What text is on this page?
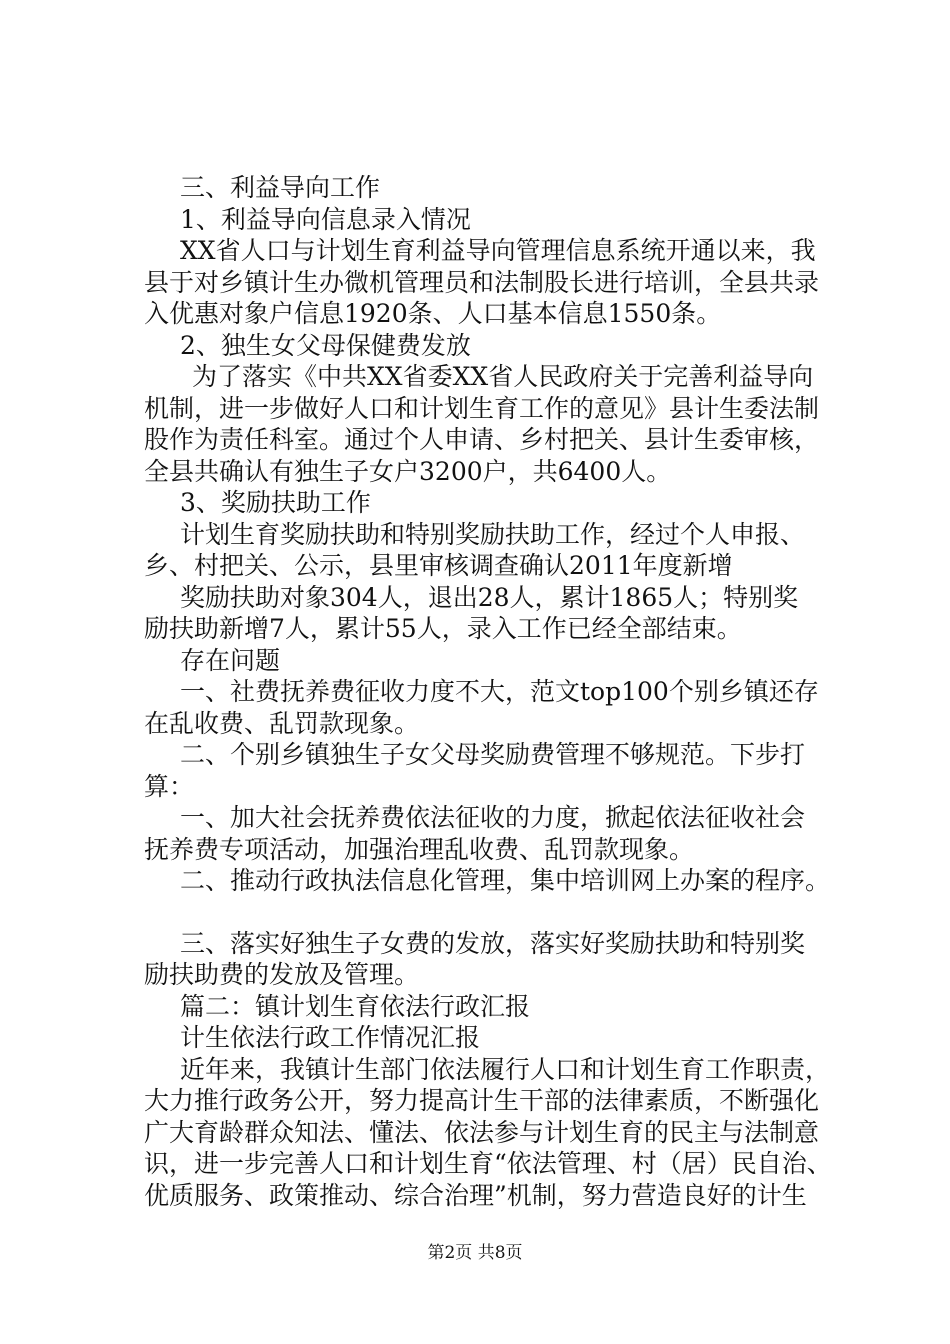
三、利益导向工作
1、利益导向信息录入情况
XX省人口与计划生育利益导向管理信息系统开通以来，我
县于对乡镇计生办微机管理员和法制股长进行培训，全县共录
入优惠对象户信息1920条、人口基本信息1550条。
2、独生女父母保健费发放
为了落实《中共XX省委XX省人民政府关于完善利益导向
机制，进一步做好人口和计划生育工作的意见》县计生委法制
股作为责任科室。通过个人申请、乡村把关、县计生委审核，
全县共确认有独生子女户3200户，共6400人。
3、奖励扶助工作
计划生育奖励扶助和特别奖励扶助工作，经过个人申报、
乡、村把关、公示，县里审核调查确认2011年度新增
奖励扶助对象304人，退出28人，累计1865人；特别奖
励扶助新增7人，累计55人，录入工作已经全部结束。
存在问题
一、社费抚养费征收力度不大，范文top100个别乡镇还存
在乱收费、乱罚款现象。
二、个别乡镇独生子女父母奖励费管理不够规范。下步打
算：
一、加大社会抚养费依法征收的力度，掀起依法征收社会
抚养费专项活动，加强治理乱收费、乱罚款现象。
二、推动行政执法信息化管理，集中培训网上办案的程序。
三、落实好独生子女费的发放，落实好奖励扶助和特别奖
励扶助费的发放及管理。
篇二：镇计划生育依法行政汇报
计生依法行政工作情况汇报
近年来，我镇计生部门依法履行人口和计划生育工作职责，
大力推行政务公开，努力提高计生干部的法律素质，不断强化
广大育龄群众知法、懂法、依法参与计划生育的民主与法制意
识，进一步完善人口和计划生育“依法管理、村（居）民自治、
优质服务、政策推动、综合治理”机制，努力营造良好的计生
第2页 共8页
